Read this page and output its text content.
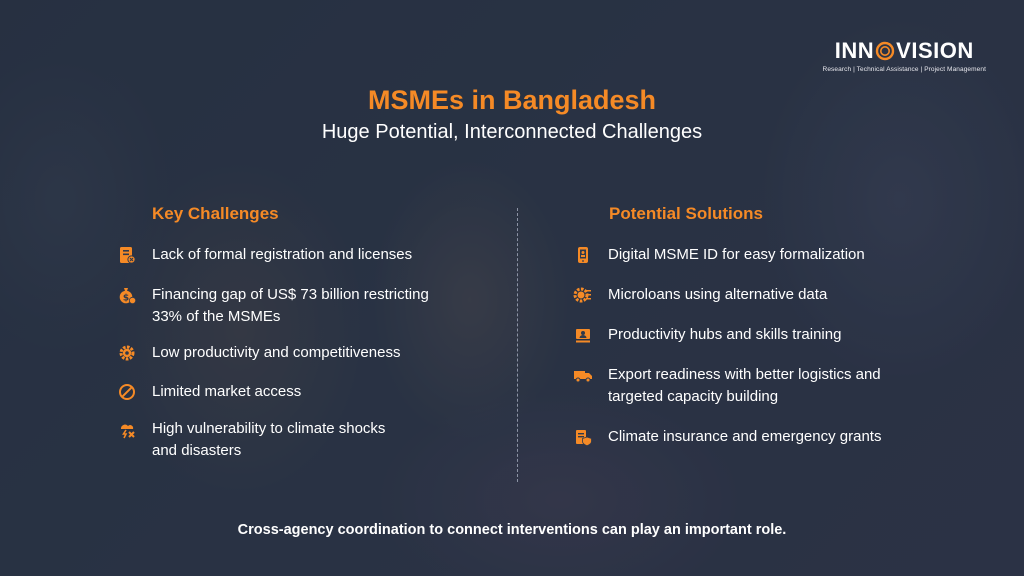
INN VISION
Research | Technical Assistance | Project Management
MSMEs in Bangladesh
Huge Potential, Interconnected Challenges
Key Challenges	Potential Solutions
Lack of formal registration and licenses
$ Financing gap of US$ 73 billion restricting
33% of the MSMEs
Low productivity and competitiveness
Limited market access
High vulnerability to climate shocks
and disasters
Digital MSME ID for easy formalization
Microloans using alternative data
Productivity hubs and skills training
Export readiness with better logistics and
targeted capacity building
Climate insurance and emergency grants
Cross-agency coordination to connect interventions can play an important role.
